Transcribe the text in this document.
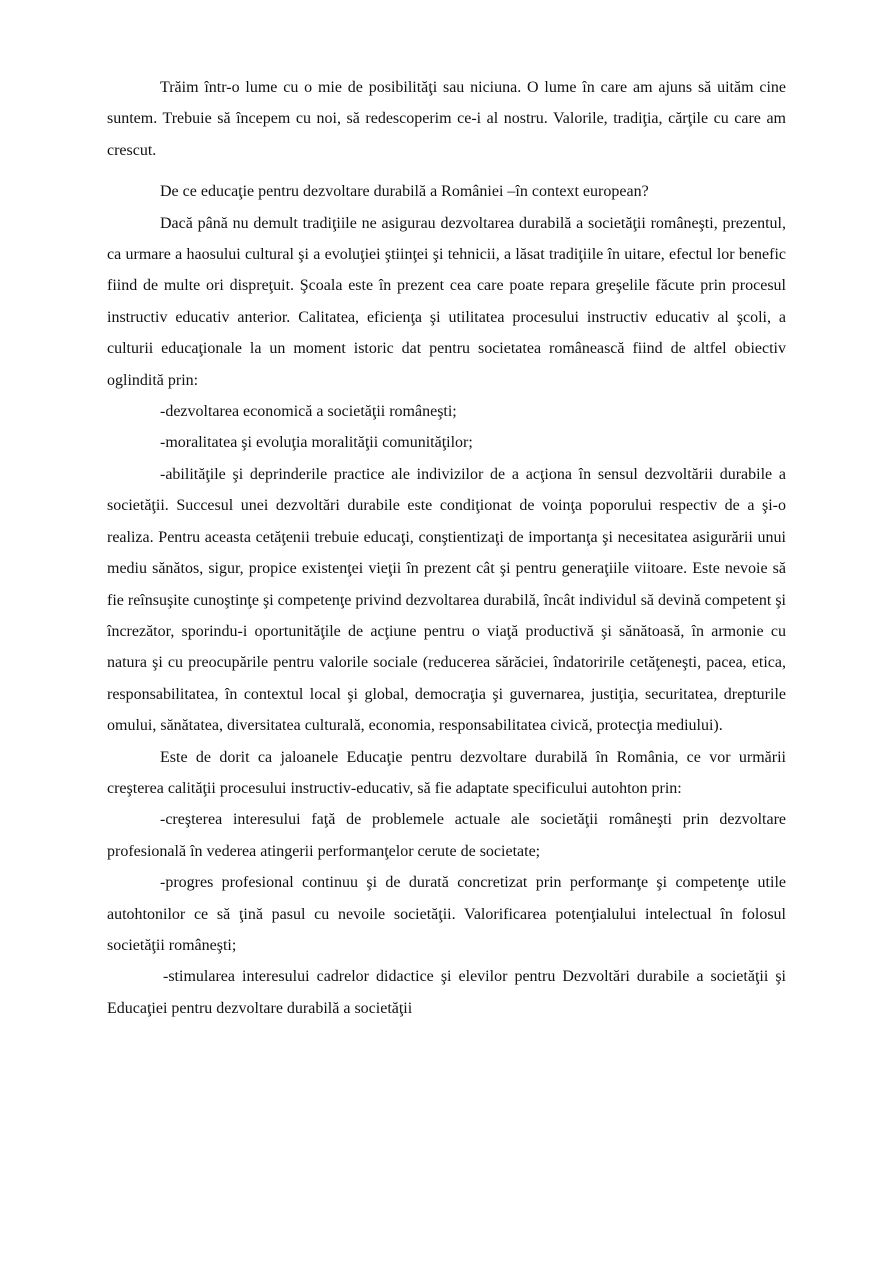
Trăim într-o lume cu o mie de posibilităţi sau niciuna. O lume în care am ajuns să uităm cine suntem. Trebuie să începem cu noi, să redescoperim ce-i al nostru. Valorile, tradiţia, cărţile cu care am crescut.

De ce educaţie pentru dezvoltare durabilă a României –în context european?

Dacă până nu demult tradiţiile ne asigurau dezvoltarea durabilă a societăţii româneşti, prezentul, ca urmare a haosului cultural şi a evoluţiei ştiinţei şi tehnicii, a lăsat tradiţiile în uitare, efectul lor benefic fiind de multe ori dispreţuit. Şcoala este în prezent cea care poate repara greşelile făcute prin procesul instructiv educativ anterior. Calitatea, eficienţa şi utilitatea procesului instructiv educativ al şcoli, a culturii educaţionale la un moment istoric dat pentru societatea românească fiind de altfel obiectiv oglindită prin:

-dezvoltarea economică a societăţii româneşti;

-moralitatea şi evoluţia moralităţii comunităţilor;

-abilităţile şi deprinderile practice ale indivizilor de a acţiona în sensul dezvoltării durabile a societăţii. Succesul unei dezvoltări durabile este condiţionat de voinţa poporului respectiv de a şi-o realiza. Pentru aceasta cetăţenii trebuie educaţi, conştientizaţi de importanţa şi necesitatea asigurării unui mediu sănătos, sigur, propice existenţei vieţii în prezent cât şi pentru generaţiile viitoare. Este nevoie să fie reînsuşite cunoştinţe şi competenţe privind dezvoltarea durabilă, încât individul să devină competent şi încrezător, sporindu-i oportunităţile de acţiune pentru o viaţă productivă şi sănătoasă, în armonie cu natura şi cu preocupările pentru valorile sociale (reducerea sărăciei, îndatoririle cetăţeneşti, pacea, etica, responsabilitatea, în contextul local şi global, democraţia şi guvernarea, justiţia, securitatea, drepturile omului, sănătatea, diversitatea culturală, economia, responsabilitatea civică, protecţia mediului).

Este de dorit ca jaloanele Educaţie pentru dezvoltare durabilă în România, ce vor urmării creşterea calităţii procesului instructiv-educativ, să fie adaptate specificului autohton prin:

-creşterea interesului faţă de problemele actuale ale societăţii româneşti prin dezvoltare profesională în vederea atingerii performanţelor cerute de societate;

-progres profesional continuu şi de durată concretizat prin performanţe şi competenţe utile autohtonilor ce să ţină pasul cu nevoile societăţii. Valorificarea potenţialului intelectual în folosul societăţii româneşti;

-stimularea interesului cadrelor didactice şi elevilor pentru Dezvoltări durabile a societăţii şi Educaţiei pentru dezvoltare durabilă a societăţii
